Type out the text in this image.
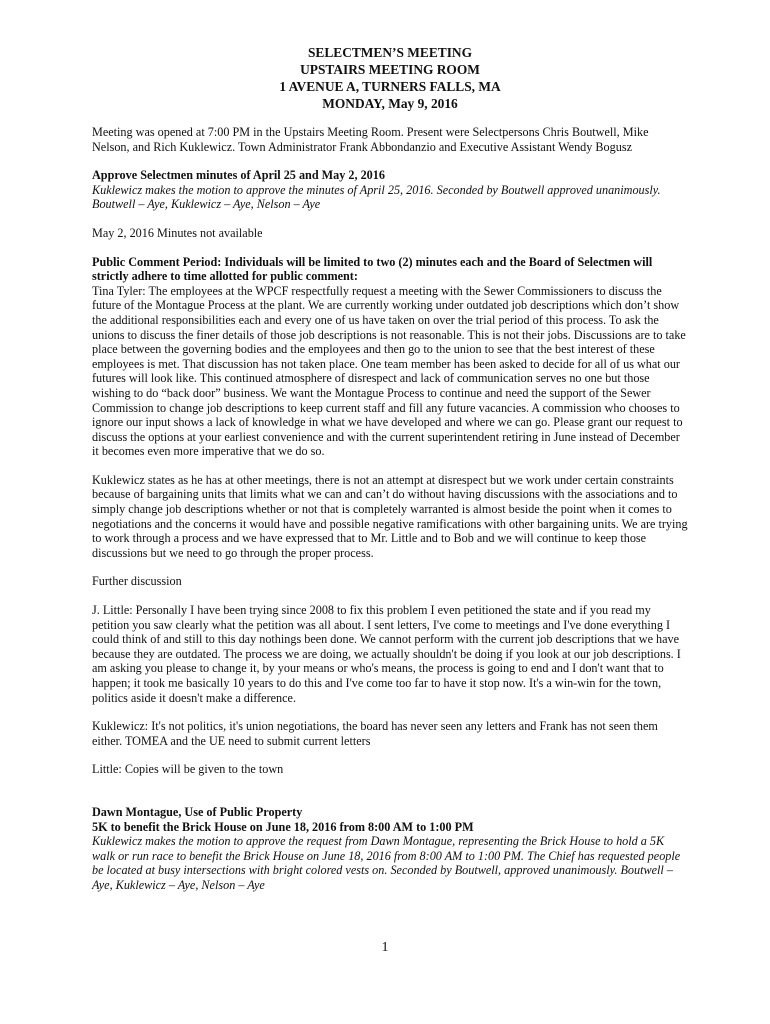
SELECTMEN’S MEETING
UPSTAIRS MEETING ROOM
1 AVENUE A, TURNERS FALLS, MA
MONDAY, May 9, 2016

Meeting was opened at 7:00 PM in the Upstairs Meeting Room. Present were Selectpersons Chris Boutwell, Mike Nelson, and Rich Kuklewicz. Town Administrator Frank Abbondanzio and Executive Assistant Wendy Bogusz

Approve Selectmen minutes of April 25 and May 2, 2016
Kuklewicz makes the motion to approve the minutes of April 25, 2016. Seconded by Boutwell approved unanimously. Boutwell – Aye, Kuklewicz – Aye, Nelson – Aye

May 2, 2016 Minutes not available

Public Comment Period: Individuals will be limited to two (2) minutes each and the Board of Selectmen will strictly adhere to time allotted for public comment:
Tina Tyler: The employees at the WPCF respectfully request a meeting with the Sewer Commissioners to discuss the future of the Montague Process at the plant. We are currently working under outdated job descriptions which don’t show the additional responsibilities each and every one of us have taken on over the trial period of this process. To ask the unions to discuss the finer details of those job descriptions is not reasonable. This is not their jobs. Discussions are to take place between the governing bodies and the employees and then go to the union to see that the best interest of these employees is met. That discussion has not taken place. One team member has been asked to decide for all of us what our futures will look like. This continued atmosphere of disrespect and lack of communication serves no one but those wishing to do “back door” business. We want the Montague Process to continue and need the support of the Sewer Commission to change job descriptions to keep current staff and fill any future vacancies. A commission who chooses to ignore our input shows a lack of knowledge in what we have developed and where we can go. Please grant our request to discuss the options at your earliest convenience and with the current superintendent retiring in June instead of December it becomes even more imperative that we do so.

Kuklewicz states as he has at other meetings, there is not an attempt at disrespect but we work under certain constraints because of bargaining units that limits what we can and can’t do without having discussions with the associations and to simply change job descriptions whether or not that is completely warranted is almost beside the point when it comes to negotiations and the concerns it would have and possible negative ramifications with other bargaining units. We are trying to work through a process and we have expressed that to Mr. Little and to Bob and we will continue to keep those discussions but we need to go through the proper process.

Further discussion

J. Little: Personally I have been trying since 2008 to fix this problem I even petitioned the state and if you read my petition you saw clearly what the petition was all about. I sent letters, I've come to meetings and I've done everything I could think of and still to this day nothings been done. We cannot perform with the current job descriptions that we have because they are outdated. The process we are doing, we actually shouldn't be doing if you look at our job descriptions. I am asking you please to change it, by your means or who's means, the process is going to end and I don't want that to happen; it took me basically 10 years to do this and I've come too far to have it stop now. It's a win-win for the town, politics aside it doesn't make a difference.

Kuklewicz: It's not politics, it's union negotiations, the board has never seen any letters and Frank has not seen them either. TOMEA and the UE need to submit current letters

Little: Copies will be given to the town

Dawn Montague, Use of Public Property
5K to benefit the Brick House on June 18, 2016 from 8:00 AM to 1:00 PM
Kuklewicz makes the motion to approve the request from Dawn Montague, representing the Brick House to hold a 5K walk or run race to benefit the Brick House on June 18, 2016 from 8:00 AM to 1:00 PM. The Chief has requested people be located at busy intersections with bright colored vests on. Seconded by Boutwell, approved unanimously. Boutwell – Aye, Kuklewicz – Aye, Nelson – Aye
1
